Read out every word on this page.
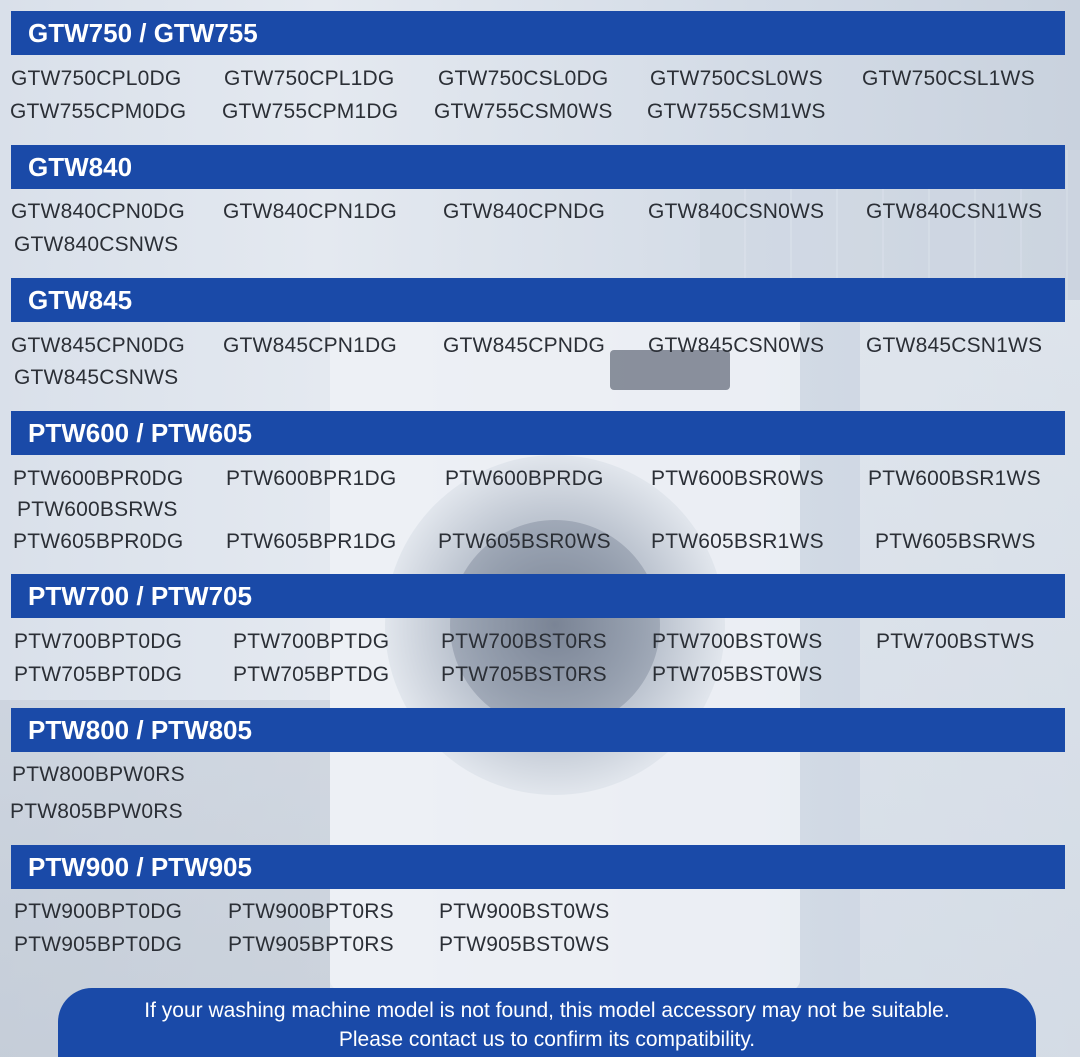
GTW750 / GTW755
GTW750CPL0DG GTW750CPL1DG GTW750CSL0DG GTW750CSL0WS GTW750CSL1WS
GTW755CPM0DG GTW755CPM1DG GTW755CSM0WS GTW755CSM1WS
GTW840
GTW840CPN0DG GTW840CPN1DG GTW840CPNDG GTW840CSN0WS GTW840CSN1WS
GTW840CSNWS
GTW845
GTW845CPN0DG GTW845CPN1DG GTW845CPNDG GTW845CSN0WS GTW845CSN1WS
GTW845CSNWS
PTW600 / PTW605
PTW600BPR0DG PTW600BPR1DG PTW600BPRDG PTW600BSR0WS PTW600BSR1WS
PTW600BSRWS
PTW605BPR0DG PTW605BPR1DG PTW605BSR0WS PTW605BSR1WS PTW605BSRWS
PTW700 / PTW705
PTW700BPT0DG PTW700BPTDG PTW700BST0RS PTW700BST0WS	PTW700BSTWS
PTW705BPT0DG PTW705BPTDG PTW705BST0RS PTW705BST0WS
PTW800 / PTW805
PTW800BPW0RS
PTW805BPW0RS
PTW900 / PTW905
PTW900BPT0DG PTW900BPT0RS PTW900BST0WS
PTW905BPT0DG PTW905BPT0RS PTW905BST0WS
If your washing machine model is not found, this model accessory may not be suitable.
Please contact us to confirm its compatibility.
